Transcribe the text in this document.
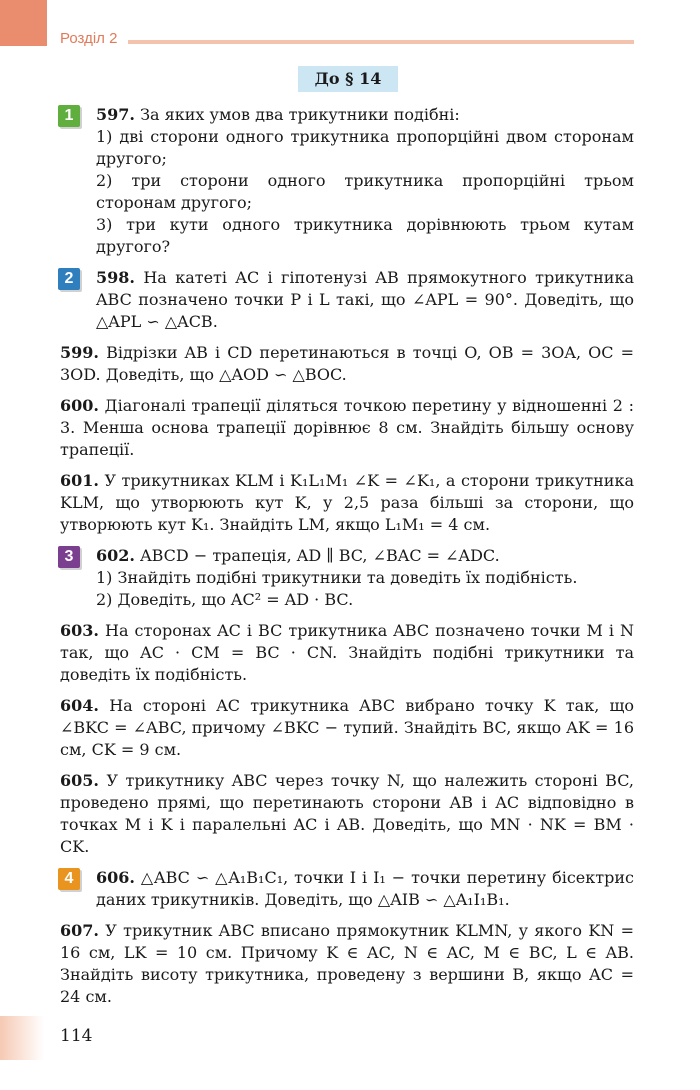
Розділ 2
До § 14
1	597. За яких умов два трикутники подібні:

1) дві сторони одного трикутника пропорційні двом сторонам другого;

2) три сторони одного трикутника пропорційні трьом сторонам другого;

3) три кути одного трикутника дорівнюють трьом кутам другого?

2	598. На катеті AC і гіпотенузі AB прямокутного трикутника ABC позначено точки P і L такі, що ∠APL = 90°. Доведіть, що △APL ∽ △ACB.
599. Відрізки AB і CD перетинаються в точці O, OB = 3OA, OC = 3OD. Доведіть, що △AOD ∽ △BOC.
600. Діагоналі трапеції діляться точкою перетину у відношенні 2 : 3. Менша основа трапеції дорівнює 8 см. Знайдіть більшу основу трапеції.
601. У трикутниках KLM і K₁L₁M₁ ∠K = ∠K₁, а сторони трикутника KLM, що утворюють кут K, у 2,5 раза більші за сторони, що утворюють кут K₁. Знайдіть LM, якщо L₁M₁ = 4 см.
3	602. ABCD − трапеція, AD ∥ BC, ∠BAC = ∠ADC.

1) Знайдіть подібні трикутники та доведіть їх подібність.

2) Доведіть, що AC² = AD · BC.

603. На сторонах AC і BC трикутника ABC позначено точки M і N так, що AC · CM = BC · CN. Знайдіть подібні трикутники та доведіть їх подібність.
604. На стороні AC трикутника ABC вибрано точку K так, що ∠BKC = ∠ABC, причому ∠BKC − тупий. Знайдіть BC, якщо AK = 16 см, CK = 9 см.
605. У трикутнику ABC через точку N, що належить стороні BC, проведено прямі, що перетинають сторони AB і AC відповідно в точках M і K і паралельні AC і AB. Доведіть, що MN · NK = BM · CK.
4	606. △ABC ∽ △A₁B₁C₁, точки I і I₁ − точки перетину бісектрис даних трикутників. Доведіть, що △AIB ∽ △A₁I₁B₁.
607. У трикутник ABC вписано прямокутник KLMN, у якого KN = 16 см, LK = 10 см. Причому K ∈ AC, N ∈ AC, M ∈ BC, L ∈ AB. Знайдіть висоту трикутника, проведену з вершини B, якщо AC = 24 см.
114
